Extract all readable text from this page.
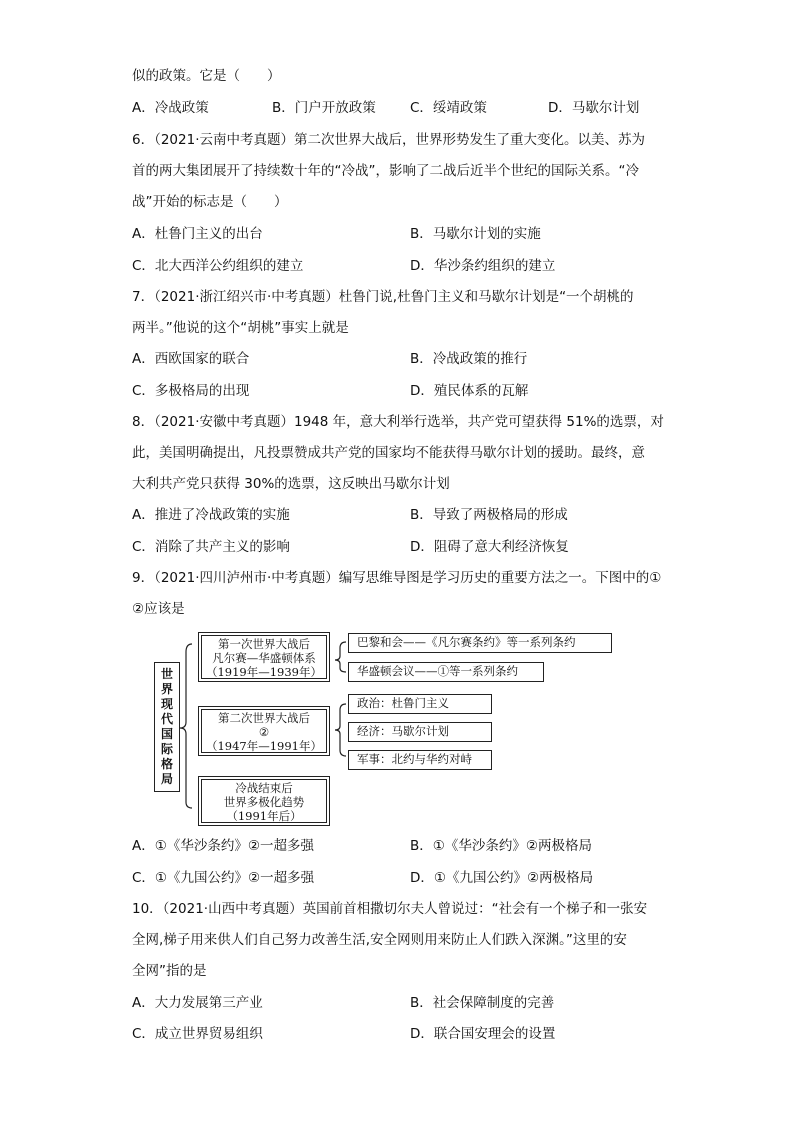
似的政策。它是（　　）
A．冷战政策	B．门户开放政策	C．绥靖政策	D．马歇尔计划
6．（2021·云南中考真题）第二次世界大战后，世界形势发生了重大变化。以美、苏为
首的两大集团展开了持续数十年的“冷战”，影响了二战后近半个世纪的国际关系。“冷
战”开始的标志是（　　）
A．杜鲁门主义的出台	B．马歇尔计划的实施
C．北大西洋公约组织的建立	D．华沙条约组织的建立
7．（2021·浙江绍兴市·中考真题）杜鲁门说,杜鲁门主义和马歇尔计划是“一个胡桃的
两半。”他说的这个“胡桃”事实上就是
A．西欧国家的联合	B．冷战政策的推行
C．多极格局的出现	D．殖民体系的瓦解
8．（2021·安徽中考真题）1948 年，意大利举行选举，共产党可望获得 51%的选票，对
此，美国明确提出，凡投票赞成共产党的国家均不能获得马歇尔计划的援助。最终，意
大利共产党只获得 30%的选票，这反映出马歇尔计划
A．推进了冷战政策的实施	B．导致了两极格局的形成
C．消除了共产主义的影响	D．阻碍了意大利经济恢复
9．（2021·四川泸州市·中考真题）编写思维导图是学习历史的重要方法之一。下图中的①
②应该是
世
界
现
代
国
际
格
局
第一次世界大战后
凡尔赛—华盛顿体系
（1919年—1939年）
巴黎和会——《凡尔赛条约》等一系列条约
华盛顿会议——①等一系列条约
第二次世界大战后
②
（1947年—1991年）
政治：杜鲁门主义
经济：马歇尔计划
军事：北约与华约对峙
冷战结束后
世界多极化趋势
（1991年后）
A．①《华沙条约》②一超多强	B．①《华沙条约》②两极格局
C．①《九国公约》②一超多强	D．①《九国公约》②两极格局
10．（2021·山西中考真题）英国前首相撒切尔夫人曾说过：“社会有一个梯子和一张安
全网,梯子用来供人们自己努力改善生活,安全网则用来防止人们跌入深渊。”这里的安
全网”指的是
A．大力发展第三产业	B．社会保障制度的完善
C．成立世界贸易组织	D．联合国安理会的设置
